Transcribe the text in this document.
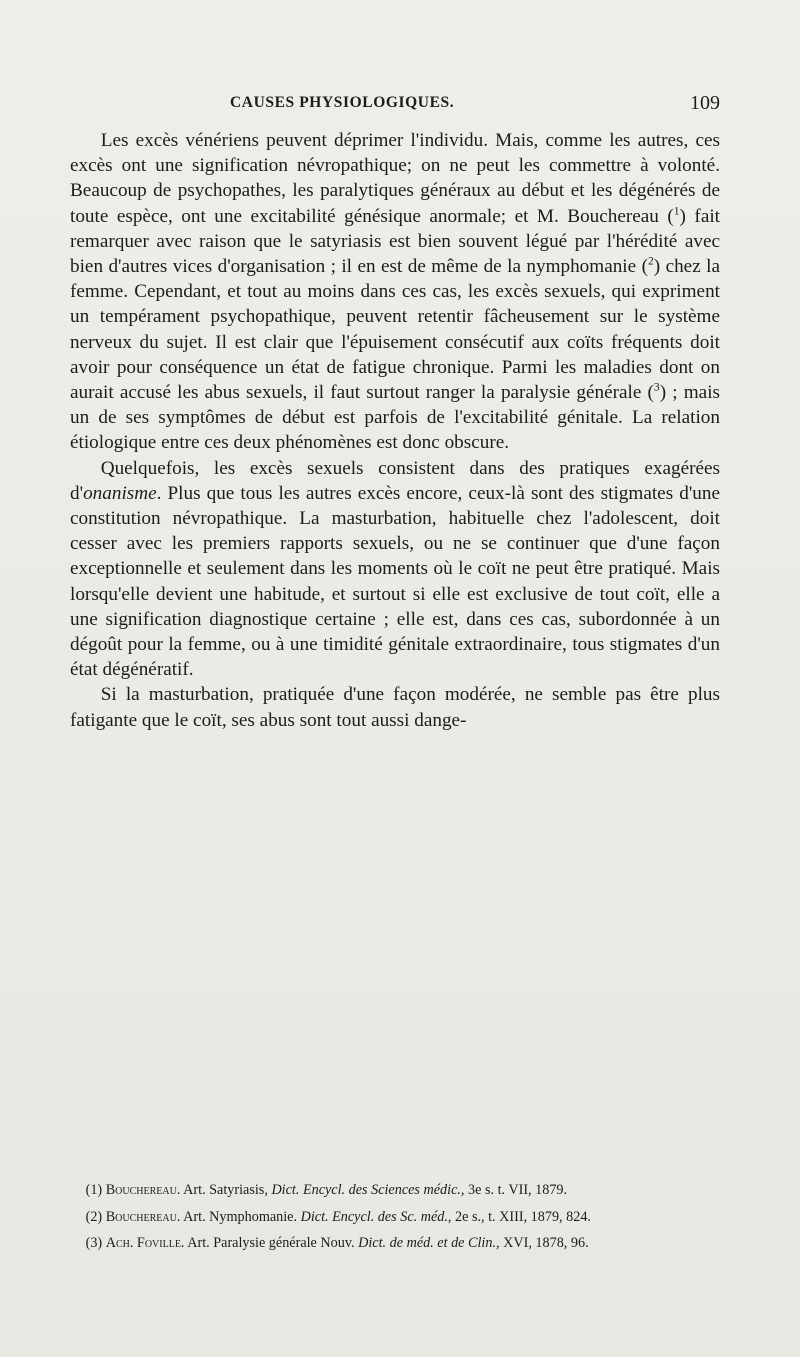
CAUSES PHYSIOLOGIQUES.	109

Les excès vénériens peuvent déprimer l'individu. Mais, comme les autres, ces excès ont une signification névropathique; on ne peut les commettre à volonté. Beaucoup de psychopathes, les paralytiques généraux au début et les dégénérés de toute espèce, ont une excitabilité génésique anormale; et M. Bouchereau ($^1$) fait remarquer avec raison que le satyriasis est bien souvent légué par l'hérédité avec bien d'autres vices d'organisation ; il en est de même de la nymphomanie ($^2$) chez la femme. Cependant, et tout au moins dans ces cas, les excès sexuels, qui expriment un tempérament psychopathique, peuvent retentir fâcheusement sur le système nerveux du sujet. Il est clair que l'épuisement consécutif aux coïts fréquents doit avoir pour conséquence un état de fatigue chronique. Parmi les maladies dont on aurait accusé les abus sexuels, il faut surtout ranger la paralysie générale ($^3$) ; mais un de ses symptômes de début est parfois de l'excitabilité génitale. La relation étiologique entre ces deux phénomènes est donc obscure.

Quelquefois, les excès sexuels consistent dans des pratiques exagérées d'onanisme. Plus que tous les autres excès encore, ceux-là sont des stigmates d'une constitution névropathique. La masturbation, habituelle chez l'adolescent, doit cesser avec les premiers rapports sexuels, ou ne se continuer que d'une façon exceptionnelle et seulement dans les moments où le coït ne peut être pratiqué. Mais lorsqu'elle devient une habitude, et surtout si elle est exclusive de tout coït, elle a une signification diagnostique certaine ; elle est, dans ces cas, subordonnée à un dégoût pour la femme, ou à une timidité génitale extraordinaire, tous stigmates d'un état dégénératif.

Si la masturbation, pratiquée d'une façon modérée, ne semble pas être plus fatigante que le coït, ses abus sont tout aussi dange-

(1) Bouchereau. Art. Satyriasis, Dict. Encycl. des Sciences médic., 3e s. t. VII, 1879.

(2) Bouchereau. Art. Nymphomanie. Dict. Encycl. des Sc. méd., 2e s., t. XIII, 1879, 824.

(3) Ach. Foville. Art. Paralysie générale Nouv. Dict. de méd. et de Clin., XVI, 1878, 96.
